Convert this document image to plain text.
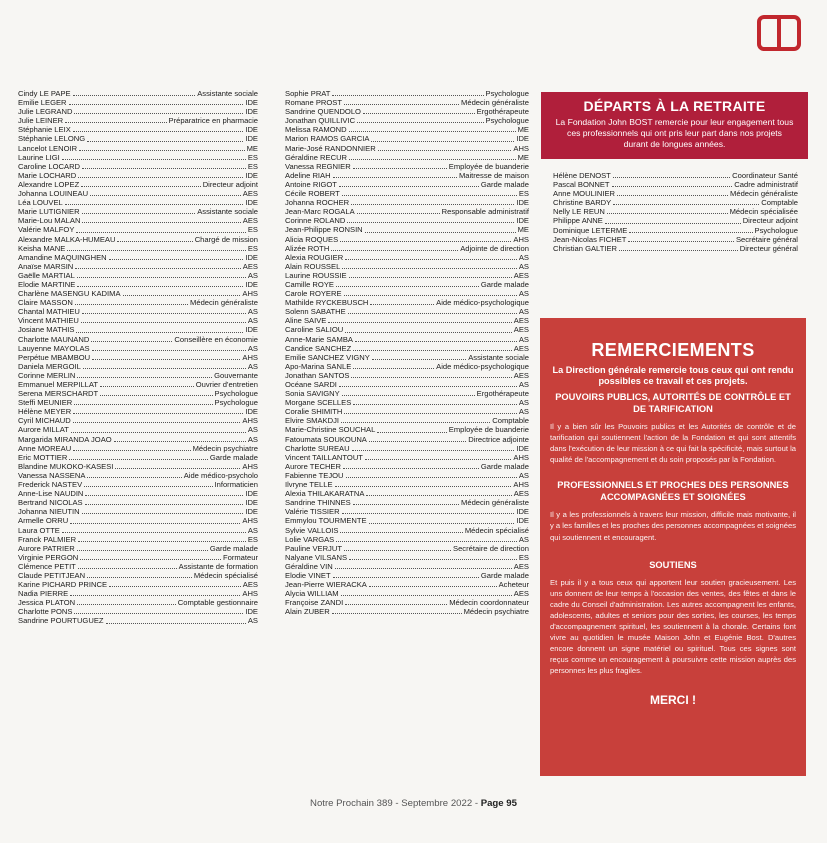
Cindy LE PAPE	Assistante sociale
Emilie LEGER	IDE
Julie LEGRAND	IDE
Julie LEINER	Préparatrice en pharmacie
Stéphanie LEIX	IDE
Stéphanie LELONG	IDE
Lancelot LENOIR	ME
Laurine LIGI	ES
Caroline LOCARD	ES
Marie LOCHARD	IDE
Alexandre LOPEZ	Directeur adjoint
Johanna LOUINEAU	AES
Léa LOUVEL	IDE
Marie LUTIGNIER	Assistante sociale
Marie-Lou MALAN	AES
Valérie MALFOY	ES
Alexandre MALKA-HUMEAU	Chargé de mission
Keisha MANE	ES
Amandine MAQUINGHEN	IDE
Anaïse MARSIN	AES
Gaëlle MARTIAL	AS
Elodie MARTINE	IDE
Charlène MASENGU KADIMA	AHS
Claire MASSON	Médecin généraliste
Chantal MATHIEU	AS
Vincent MATHIEU	AS
Josiane MATHIS	IDE
Charlotte MAUNAND	Conseillère en économie
Lauyenne MAYOLAS	AS
Perpétue MBAMBOU	AHS
Daniela MERGOIL	AS
Corinne MERLIN	Gouvernante
Emmanuel MERPILLAT	Ouvrier d'entretien
Serena MERSCHARDT	Psychologue
Steffi MEUNIER	Psychologue
Hélène MEYER	IDE
Cyril MICHAUD	AHS
Aurore MILLAT	AS
Margarida MIRANDA JOAO	AS
Anne MOREAU	Médecin psychiatre
Eric MOTTIER	Garde malade
Blandine MUKOKO-KASESI	AHS
Vanessa NASSENA	Aide médico-psycholo
Frederick NASTEV	Informaticien
Anne-Lise NAUDIN	IDE
Bertrand NICOLAS	IDE
Johanna NIEUTIN	IDE
Armelle ORRU	AHS
Laura OTTE	AS
Franck PALMIER	ES
Aurore PATRIER	Garde malade
Virginie PERGON	Formateur
Clémence PETIT	Assistante de formation
Claude PETITJEAN	Médecin spécialisé
Karine PICHARD PRINCE	AES
Nadia PIERRE	AHS
Jessica PLATON	Comptable gestionnaire
Charlotte PONS	IDE
Sandrine POURTUGUEZ	AS
Sophie PRAT	Psychologue
Romane PROST	Médecin généraliste
Sandrine QUENDOLO	Ergothérapeute
Jonathan QUILLIVIC	Psychologue
Melissa RAMOND	ME
Marion RAMOS GARCIA	IDE
Marie-José RANDONNIER	AHS
Géraldine RECUR	ME
Vanessa REGNIER	Employée de buanderie
Adeline RIAH	Maitresse de maison
Antoine RIGOT	Garde malade
Cécile ROBERT	ES
Johanna ROCHER	IDE
Jean-Marc ROGALA	Responsable administratif
Corinne ROLAND	IDE
Jean-Philippe RONSIN	ME
Alicia ROQUES	AHS
Alizée ROTH	Adjointe de direction
Alexia ROUGIER	AS
Alain ROUSSEL	AS
Laurine ROUSSIE	AES
Camille ROYE	Garde malade
Carole ROYERE	AS
Mathilde RYCKEBUSCH	Aide médico-psychologique
Solenn SABATHE	AS
Aline SAIVE	AES
Caroline SALIOU	AES
Anne-Marie SAMBA	AS
Candice SANCHEZ	AES
Emilie SANCHEZ VIGNY	Assistante sociale
Apo-Marina SANLE	Aide médico-psychologique
Jonathan SANTOS	AES
Océane SARDI	AS
Sonia SAVIGNY	Ergothérapeute
Morgane SCELLES	AS
Coralie SHIMITH	AS
Elvire SMAKDJI	Comptable
Marie-Christine SOUCHAL	Employée de buanderie
Fatoumata SOUKOUNA	Directrice adjointe
Charlotte SUREAU	IDE
Vincent TAILLANTOUT	AHS
Aurore TECHER	Garde malade
Fabienne TEJOU	AS
Ilvryne TELLE	AHS
Alexia THILAKARATNA	AES
Sandrine THINNES	Médecin généraliste
Valérie TISSIER	IDE
Emmylou TOURMENTE	IDE
Sylvie VALLOIS	Médecin spécialisé
Lolie VARGAS	AS
Pauline VERJUT	Secrétaire de direction
Nalyane VILSANS	ES
Géraldine VIN	AES
Elodie VINET	Garde malade
Jean-Pierre WIERACKA	Acheteur
Alycia WILLIAM	AES
Françoise ZANDI	Médecin coordonnateur
Alain ZUBER	Médecin psychiatre
DÉPARTS À LA RETRAITE

La Fondation John BOST remercie pour leur engagement tous ces professionnels qui ont pris leur part dans nos projets durant de longues années.

Hélène DENOST	Coordinateur Santé
Pascal BONNET	Cadre administratif
Anne MOULINIER	Médecin généraliste
Christine BARDY	Comptable
Nelly LE REUN	Médecin spécialisée
Philippe ANNE	Directeur adjoint
Dominique LETERME	Psychologue
Jean-Nicolas FICHET	Secrétaire général
Christian GALTIER	Directeur général
REMERCIEMENTS
La Direction générale remercie tous ceux qui ont rendu possibles ce travail et ces projets.
POUVOIRS PUBLICS, AUTORITÉS DE CONTRÔLE ET DE TARIFICATION
Il y a bien sûr les Pouvoirs publics et les Autorités de contrôle et de tarification qui soutiennent l'action de la Fondation et qui sont attentifs dans l'exécution de leur mission à ce qui fait la spécificité, mais surtout la qualité de l'accompagnement et du soin proposés par la Fondation.
PROFESSIONNELS ET PROCHES DES PERSONNES ACCOMPAGNÉES ET SOIGNÉES
Il y a les professionnels à travers leur mission, difficile mais motivante, il y a les familles et les proches des personnes accompagnées et soignées qui soutiennent et encouragent.
SOUTIENS
Et puis il y a tous ceux qui apportent leur soutien gracieusement. Les uns donnent de leur temps à l'occasion des ventes, des fêtes et dans le cadre du Conseil d'administration. Les autres accompagnent les enfants, adolescents, adultes et seniors pour des sorties, les courses, les temps d'accompagnement spirituel, les soutiennent à la chorale. Certains font vivre au quotidien le musée Maison John et Eugénie Bost. D'autres encore donnent un signe matériel ou spirituel. Tous ces signes sont reçus comme un encouragement à poursuivre cette mission auprès des personnes les plus fragiles.
MERCI !
Notre Prochain 389 - Septembre 2022 - Page 95
